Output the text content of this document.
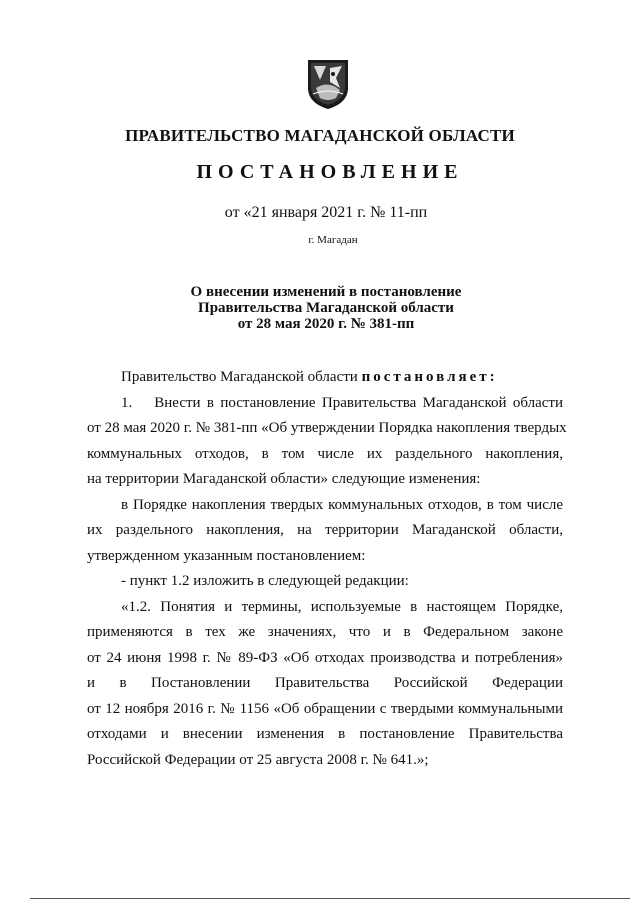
ПРАВИТЕЛЬСТВО МАГАДАНСКОЙ ОБЛАСТИ
ПОСТАНОВЛЕНИЕ
от «21 января 2021 г. № 11-пп
г. Магадан
О внесении изменений в постановление
Правительства Магаданской области
от 28 мая 2020 г. № 381-пп
Правительство Магаданской области постановляет:
1. Внести в постановление Правительства Магаданской области
от 28 мая 2020 г. № 381-пп «Об утверждении Порядка накопления твердых
коммунальных отходов, в том числе их раздельного накопления,
на территории Магаданской области» следующие изменения:
в Порядке накопления твердых коммунальных отходов, в том числе
их раздельного накопления, на территории Магаданской области,
утвержденном указанным постановлением:
- пункт 1.2 изложить в следующей редакции:
«1.2. Понятия и термины, используемые в настоящем Порядке,
применяются в тех же значениях, что и в Федеральном законе
от 24 июня 1998 г. № 89-ФЗ «Об отходах производства и потребления»
и в Постановлении Правительства Российской Федерации
от 12 ноября 2016 г. № 1156 «Об обращении с твердыми коммунальными
отходами и внесении изменения в постановление Правительства
Российской Федерации от 25 августа 2008 г. № 641.»;
